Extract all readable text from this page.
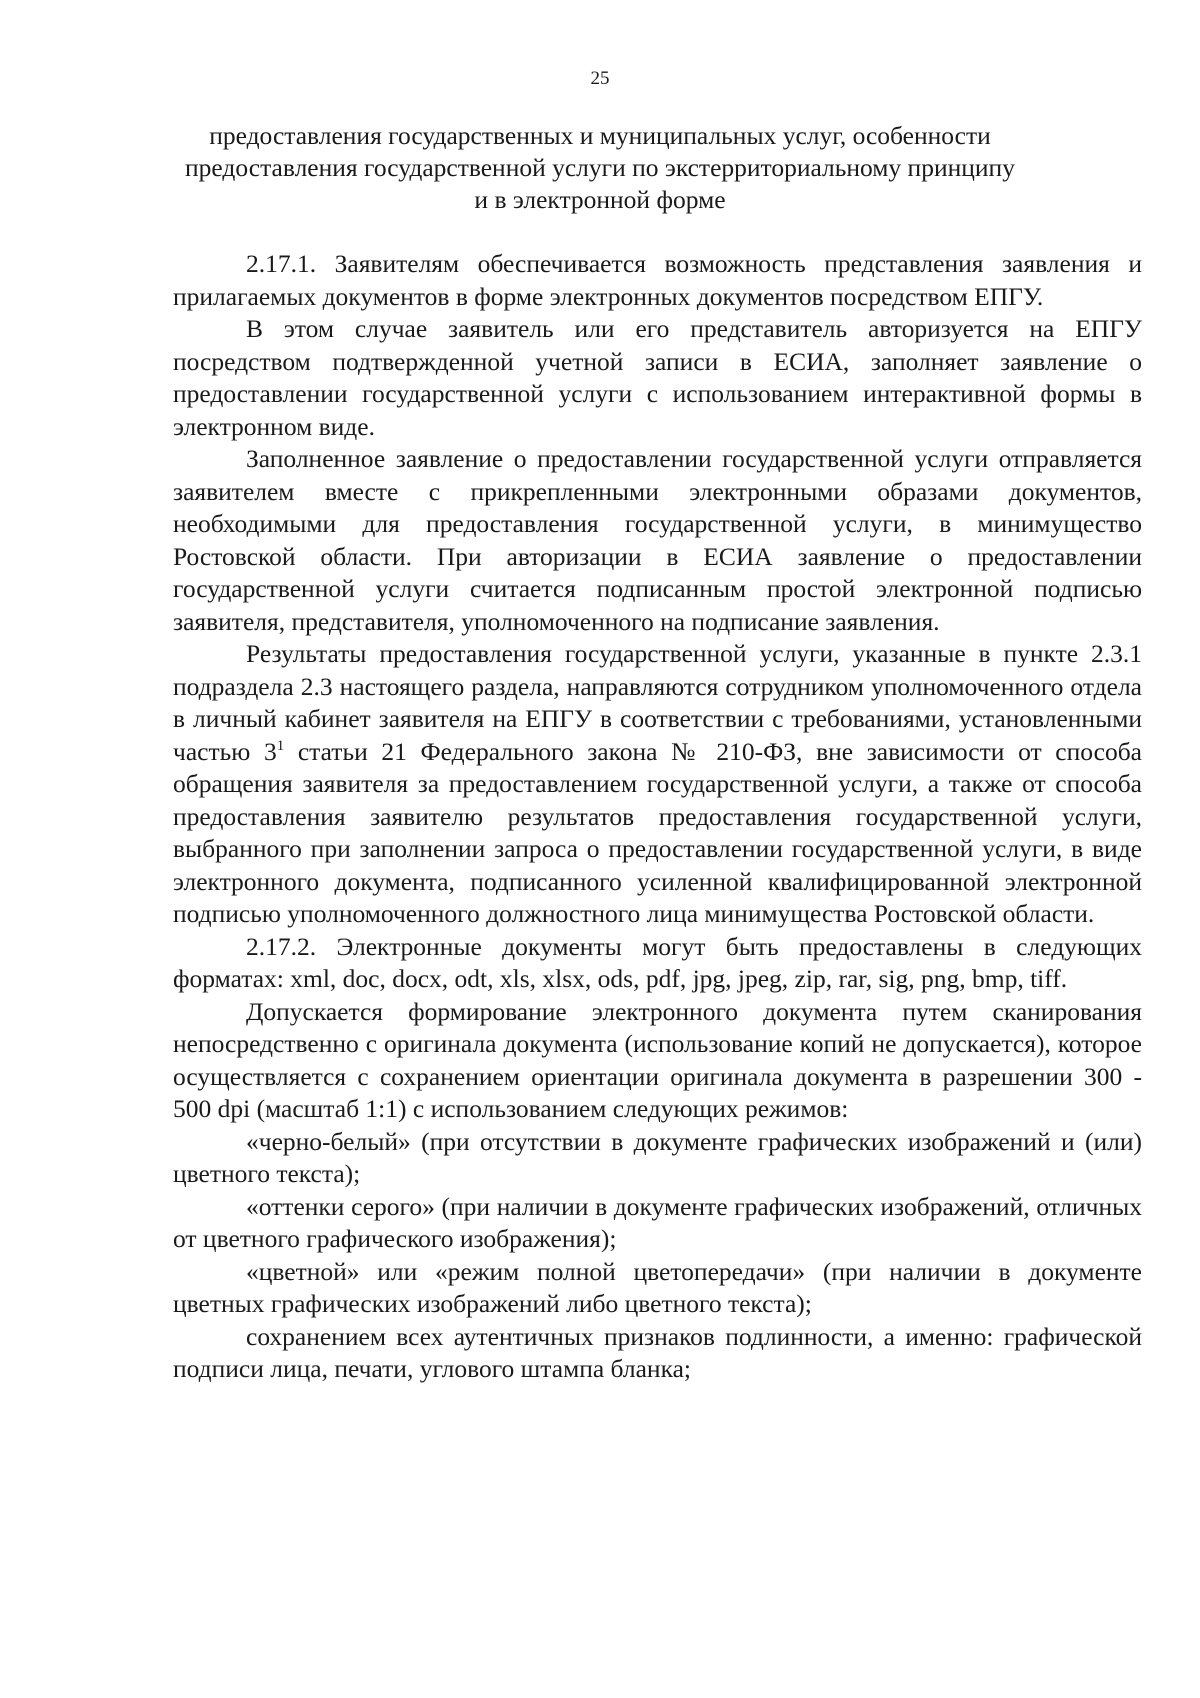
25
предоставления государственных и муниципальных услуг, особенности
предоставления государственной услуги по экстерриториальному принципу
и в электронной форме

2.17.1. Заявителям обеспечивается возможность представления заявления и прилагаемых документов в форме электронных документов посредством ЕПГУ.

В этом случае заявитель или его представитель авторизуется на ЕПГУ посредством подтвержденной учетной записи в ЕСИА, заполняет заявление о предоставлении государственной услуги с использованием интерактивной формы в электронном виде.

Заполненное заявление о предоставлении государственной услуги отправляется заявителем вместе с прикрепленными электронными образами документов, необходимыми для предоставления государственной услуги, в минимущество Ростовской области. При авторизации в ЕСИА заявление о предоставлении государственной услуги считается подписанным простой электронной подписью заявителя, представителя, уполномоченного на подписание заявления.

Результаты предоставления государственной услуги, указанные в пункте 2.3.1 подраздела 2.3 настоящего раздела, направляются сотрудником уполномоченного отдела в личный кабинет заявителя на ЕПГУ в соответствии с требованиями, установленными частью $3^1$ статьи 21 Федерального закона № 210-ФЗ, вне зависимости от способа обращения заявителя за предоставлением государственной услуги, а также от способа предоставления заявителю результатов предоставления государственной услуги, выбранного при заполнении запроса о предоставлении государственной услуги, в виде электронного документа, подписанного усиленной квалифицированной электронной подписью уполномоченного должностного лица минимущества Ростовской области.

2.17.2. Электронные документы могут быть предоставлены в следующих форматах: xml, doc, docx, odt, xls, xlsx, ods, pdf, jpg, jpeg, zip, rar, sig, png, bmp, tiff.

Допускается формирование электронного документа путем сканирования непосредственно с оригинала документа (использование копий не допускается), которое осуществляется с сохранением ориентации оригинала документа в разрешении 300 - 500 dpi (масштаб 1:1) с использованием следующих режимов:

«черно-белый» (при отсутствии в документе графических изображений и (или) цветного текста);

«оттенки серого» (при наличии в документе графических изображений, отличных от цветного графического изображения);

«цветной» или «режим полной цветопередачи» (при наличии в документе цветных графических изображений либо цветного текста);

сохранением всех аутентичных признаков подлинности, а именно: графической подписи лица, печати, углового штампа бланка;
